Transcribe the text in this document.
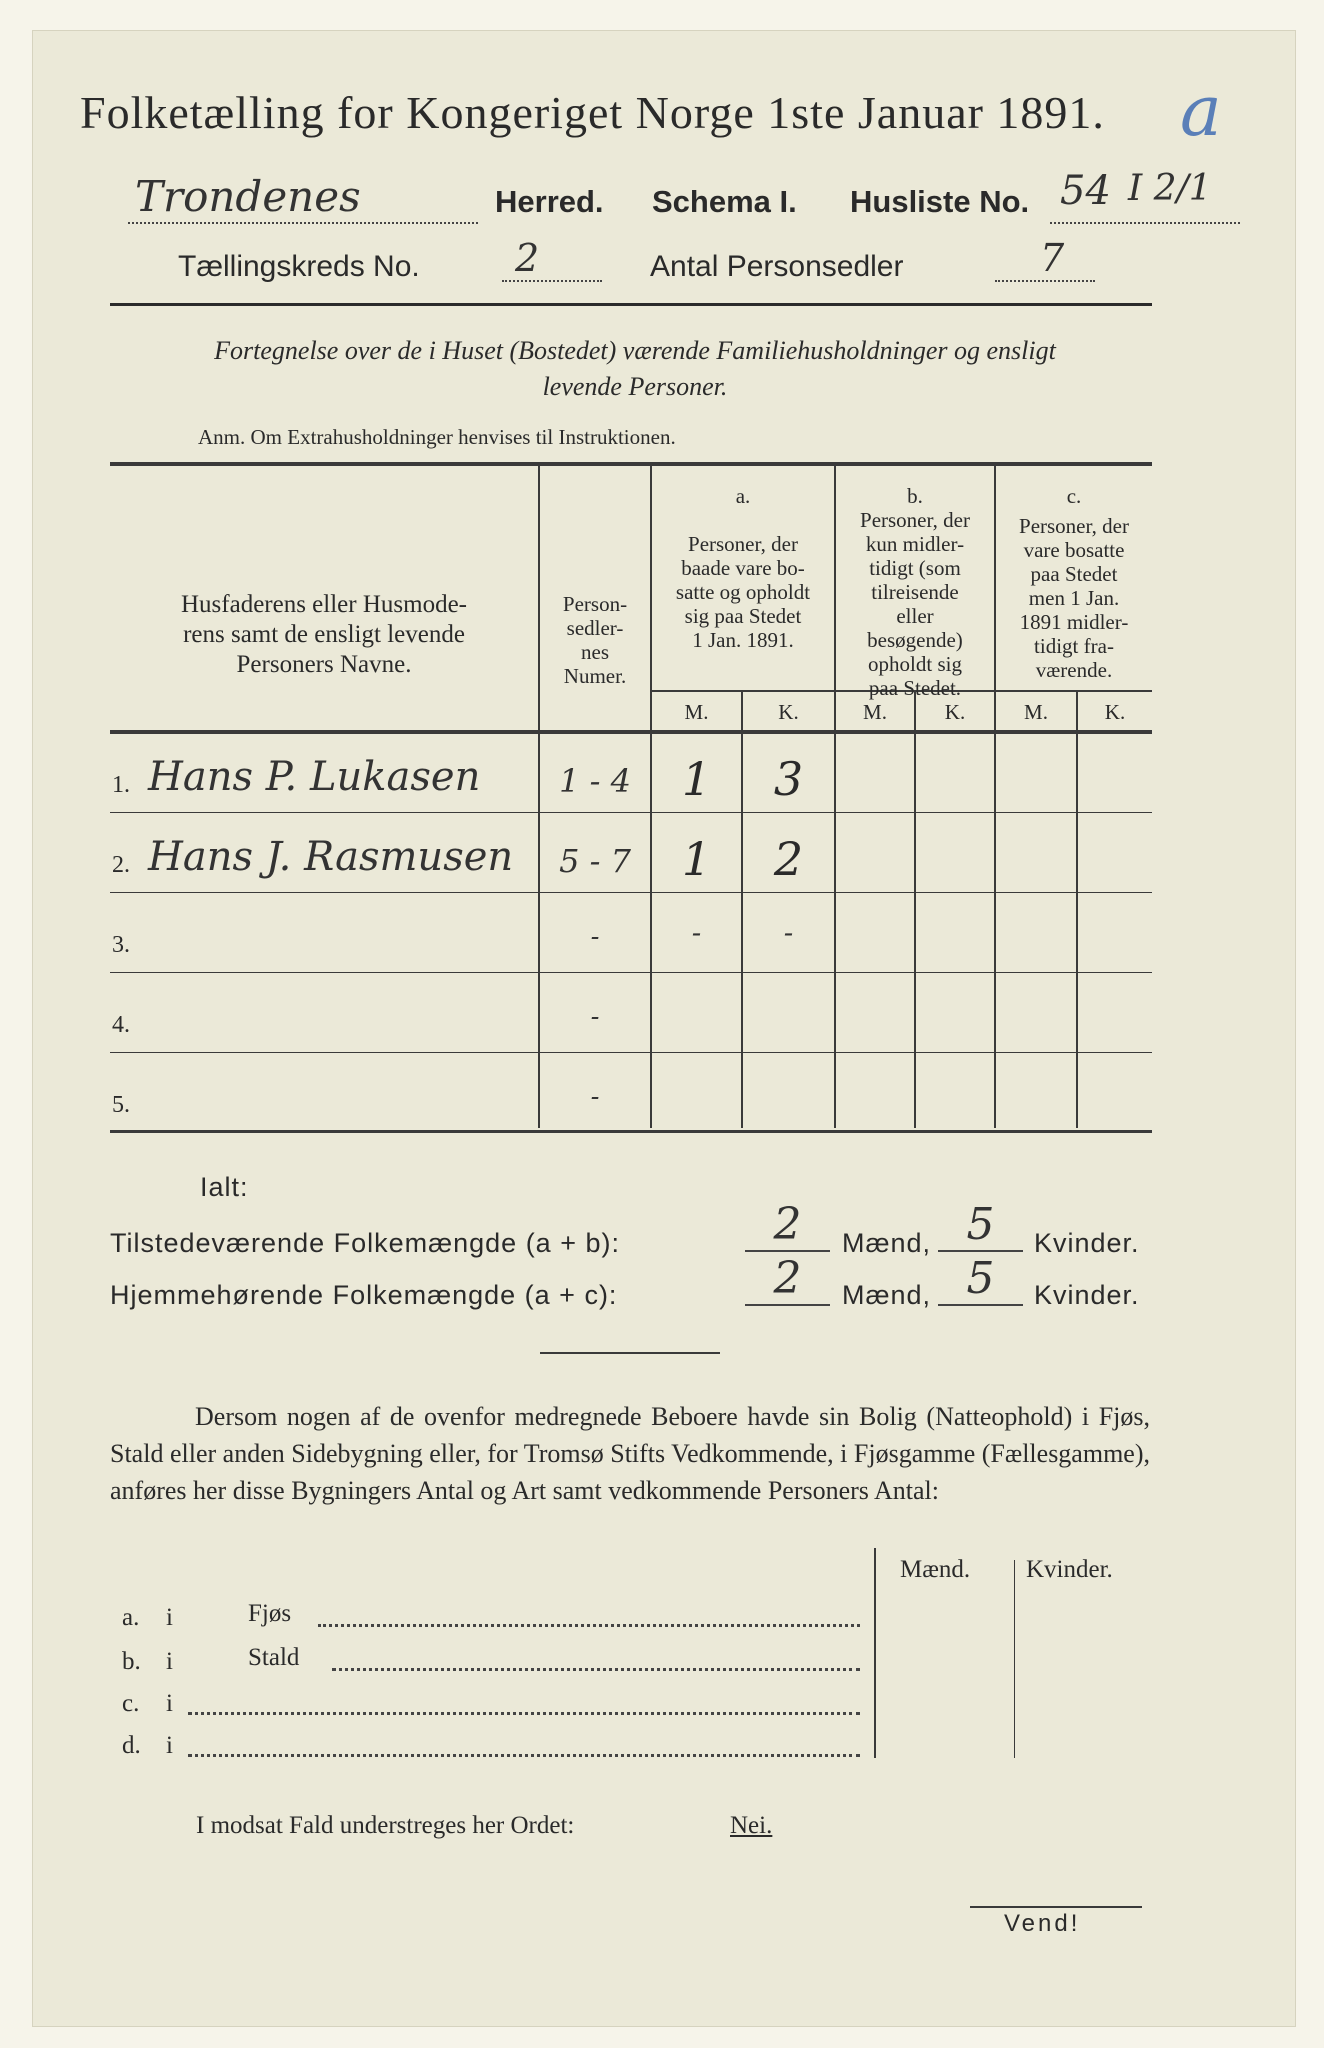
Folketælling for Kongeriget Norge 1ste Januar 1891.	a
Trondenes	Herred. Schema I. Husliste No. 54 I 2/1
Tællingskreds No.	2	Antal Personsedler	7
Fortegnelse over de i Huset (Bostedet) værende Familiehusholdninger og ensligt
levende Personer.
Anm. Om Extrahusholdninger henvises til Instruktionen.
Husfaderens eller Husmode-
rens samt de ensligt levende
Personers Navne.
Person-
sedler-
nes
Numer.
a.
Personer, der
baade vare bo-
satte og opholdt
sig paa Stedet
1 Jan. 1891.
b.
Personer, der
kun midler-
tidigt (som
tilreisende
eller
besøgende)
opholdt sig
paa Stedet.
c.
Personer, der
vare bosatte
paa Stedet
men 1 Jan.
1891 midler-
tidigt fra-
værende.
M.	K.	M.	K.	M.	K.
1. Hans P. Lukasen	1 - 4	1	3
2. Hans J. Rasmusen	5 - 7	1	2
3.	-	-	-
4.	-
5.	-
Ialt:
Tilstedeværende Folkemængde (a + b):	2	Mænd, 5	Kvinder.
Hjemmehørende Folkemængde (a + c):	2	Mænd, 5	Kvinder.
Dersom nogen af de ovenfor medregnede Beboere havde sin Bolig (Natteophold) i Fjøs, Stald eller anden Sidebygning eller, for Tromsø Stifts Vedkommende, i Fjøsgamme (Fællesgamme), anføres her disse Bygningers Antal og Art samt vedkommende Personers Antal:
Mænd. Kvinder.
a. i	Fjøs
b. i	Stald
c. i
d. i
I modsat Fald understreges her Ordet:	Nei.
Vend!
